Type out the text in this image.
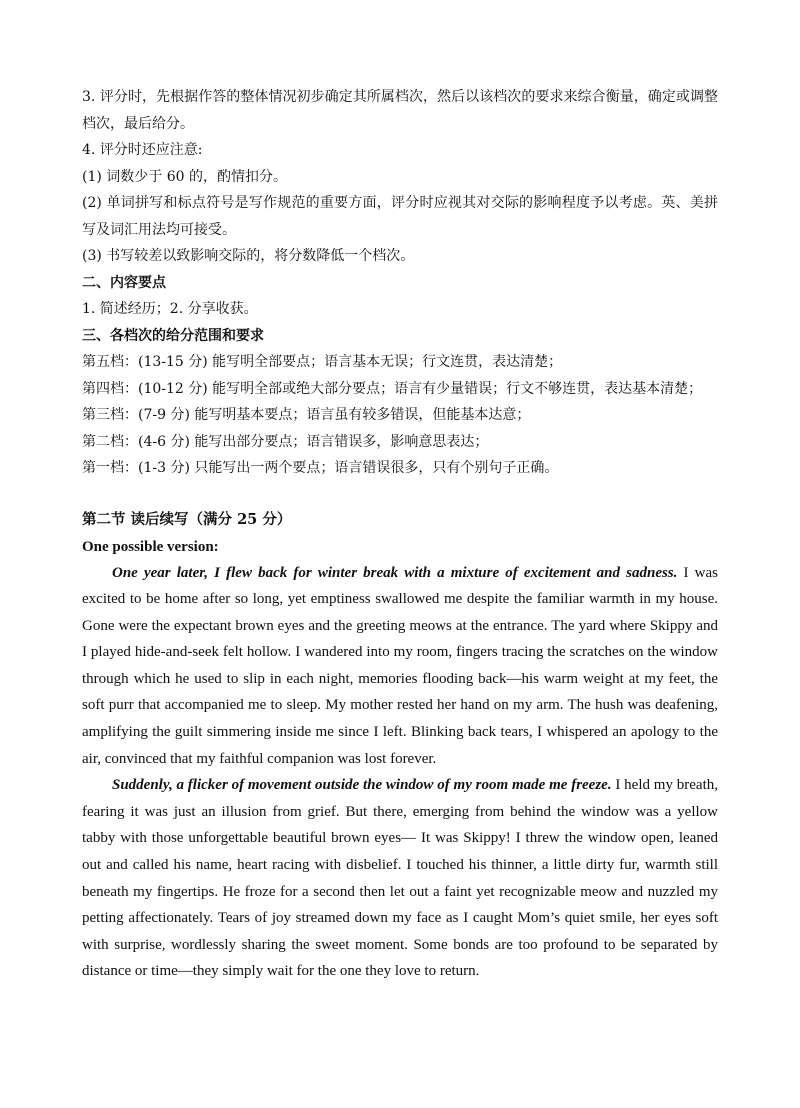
3. 评分时，先根据作答的整体情况初步确定其所属档次，然后以该档次的要求来综合衡量，确定或调整档次，最后给分。

4. 评分时还应注意:

(1) 词数少于 60 的，酌情扣分。

(2) 单词拼写和标点符号是写作规范的重要方面，评分时应视其对交际的影响程度予以考虑。英、美拼写及词汇用法均可接受。

(3) 书写较差以致影响交际的，将分数降低一个档次。

二、内容要点

1. 简述经历；2. 分享收获。

三、各档次的给分范围和要求

第五档：(13-15 分) 能写明全部要点；语言基本无误；行文连贯，表达清楚；

第四档：(10-12 分) 能写明全部或绝大部分要点；语言有少量错误；行文不够连贯，表达基本清楚；

第三档：(7-9 分) 能写明基本要点；语言虽有较多错误，但能基本达意；

第二档：(4-6 分) 能写出部分要点；语言错误多，影响意思表达；

第一档：(1-3 分) 只能写出一两个要点；语言错误很多，只有个别句子正确。

第二节 读后续写（满分 25 分）

One possible version:

One year later, I flew back for winter break with a mixture of excitement and sadness. I was excited to be home after so long, yet emptiness swallowed me despite the familiar warmth in my house. Gone were the expectant brown eyes and the greeting meows at the entrance. The yard where Skippy and I played hide-and-seek felt hollow. I wandered into my room, fingers tracing the scratches on the window through which he used to slip in each night, memories flooding back—his warm weight at my feet, the soft purr that accompanied me to sleep. My mother rested her hand on my arm. The hush was deafening, amplifying the guilt simmering inside me since I left. Blinking back tears, I whispered an apology to the air, convinced that my faithful companion was lost forever.

Suddenly, a flicker of movement outside the window of my room made me freeze. I held my breath, fearing it was just an illusion from grief. But there, emerging from behind the window was a yellow tabby with those unforgettable beautiful brown eyes— It was Skippy! I threw the window open, leaned out and called his name, heart racing with disbelief. I touched his thinner, a little dirty fur, warmth still beneath my fingertips. He froze for a second then let out a faint yet recognizable meow and nuzzled my petting affectionately. Tears of joy streamed down my face as I caught Mom’s quiet smile, her eyes soft with surprise, wordlessly sharing the sweet moment. Some bonds are too profound to be separated by distance or time—they simply wait for the one they love to return.
